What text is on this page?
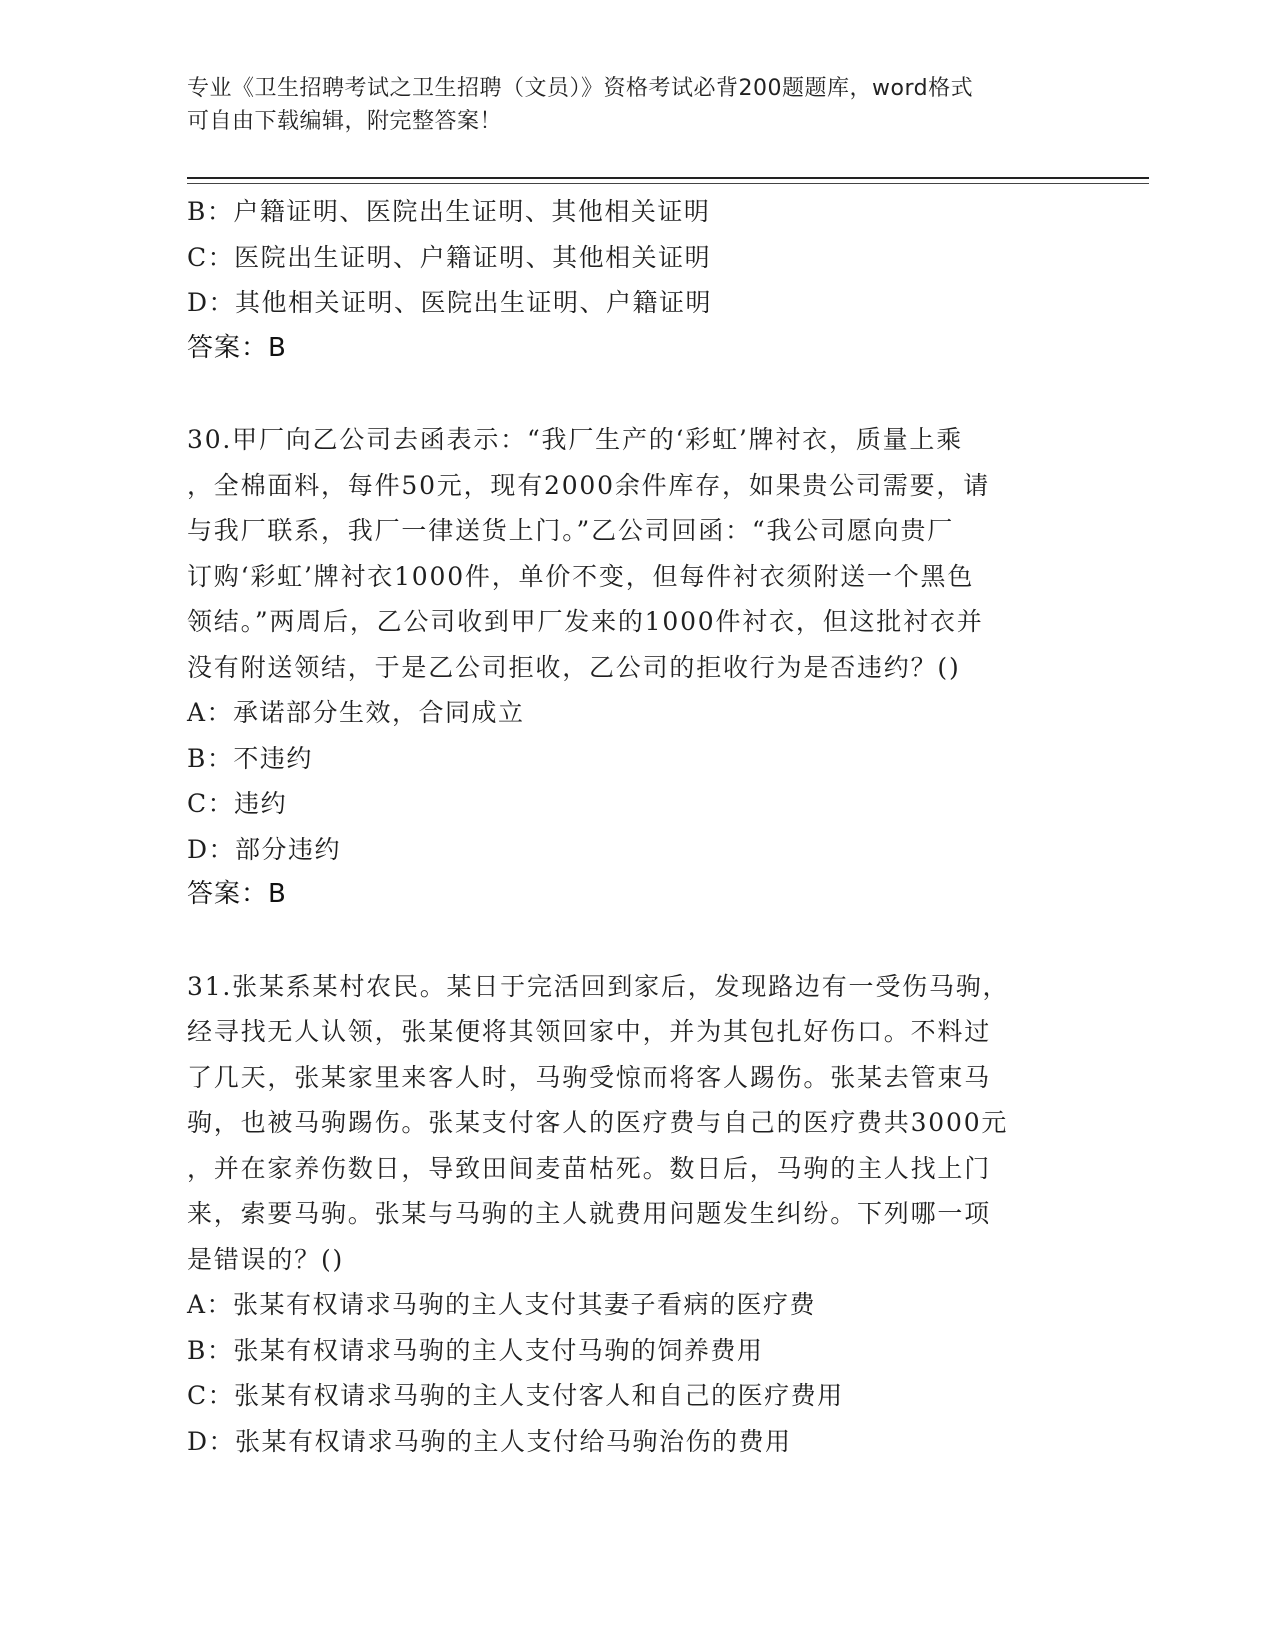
专业《卫生招聘考试之卫生招聘（文员）》资格考试必背200题题库，word格式
可自由下载编辑，附完整答案！
B：户籍证明、医院出生证明、其他相关证明
C：医院出生证明、户籍证明、其他相关证明
D：其他相关证明、医院出生证明、户籍证明
答案：B
30.甲厂向乙公司去函表示：“我厂生产的‘彩虹’牌衬衣，质量上乘
，全棉面料，每件50元，现有2000余件库存，如果贵公司需要，请
与我厂联系，我厂一律送货上门。”乙公司回函：“我公司愿向贵厂
订购‘彩虹’牌衬衣1000件，单价不变，但每件衬衣须附送一个黑色
领结。”两周后，乙公司收到甲厂发来的1000件衬衣，但这批衬衣并
没有附送领结，于是乙公司拒收，乙公司的拒收行为是否违约？()
A：承诺部分生效，合同成立
B：不违约
C：违约
D：部分违约
答案：B
31.张某系某村农民。某日于完活回到家后，发现路边有一受伤马驹，
经寻找无人认领，张某便将其领回家中，并为其包扎好伤口。不料过
了几天，张某家里来客人时，马驹受惊而将客人踢伤。张某去管束马
驹，也被马驹踢伤。张某支付客人的医疗费与自己的医疗费共3000元
，并在家养伤数日，导致田间麦苗枯死。数日后，马驹的主人找上门
来，索要马驹。张某与马驹的主人就费用问题发生纠纷。下列哪一项
是错误的？()
A：张某有权请求马驹的主人支付其妻子看病的医疗费
B：张某有权请求马驹的主人支付马驹的饲养费用
C：张某有权请求马驹的主人支付客人和自己的医疗费用
D：张某有权请求马驹的主人支付给马驹治伤的费用
